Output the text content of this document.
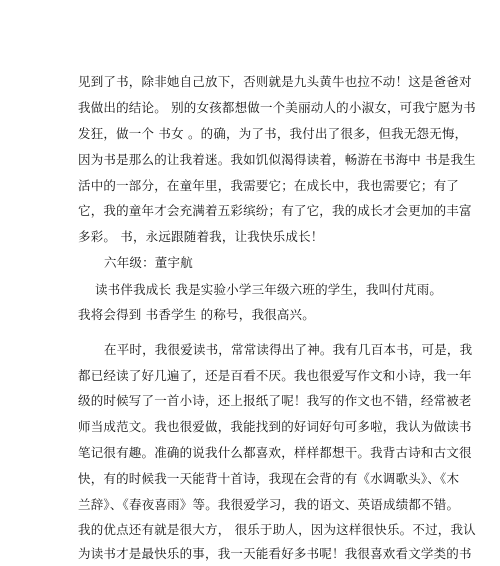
见到了书，除非她自己放下，否则就是九头黄牛也拉不动！这是爸爸对
我做出的结论。 别的女孩都想做一个美丽动人的小淑女，可我宁愿为书
发狂，做一个 书女 。的确，为了书，我付出了很多，但我无怨无悔，
因为书是那么的让我着迷。我如饥似渴得读着，畅游在书海中 书是我生
活中的一部分，在童年里，我需要它；在成长中，我也需要它；有了
它，我的童年才会充满着五彩缤纷；有了它，我的成长才会更加的丰富
多彩。 书，永远跟随着我，让我快乐成长！
六年级：董宇航
读书伴我成长 我是实验小学三年级六班的学生，我叫付芃雨。
我将会得到 书香学生 的称号，我很高兴。
在平时，我很爱读书，常常读得出了神。我有几百本书，可是，我
都已经读了好几遍了，还是百看不厌。我也很爱写作文和小诗，我一年
级的时候写了一首小诗，还上报纸了呢！我写的作文也不错，经常被老
师当成范文。我也很爱做，我能找到的好词好句可多啦，我认为做读书
笔记很有趣。准确的说我什么都喜欢，样样都想干。我背古诗和古文很
快，有的时候我一天能背十首诗，我现在会背的有《水调歌头》、《木
兰辞》、《春夜喜雨》等。我很爱学习，我的语文、英语成绩都不错。
我的优点还有就是很大方， 很乐于助人，因为这样很快乐。不过，我认
为读书才是最快乐的事，我一天能看好多书呢！我很喜欢看文学类的书
